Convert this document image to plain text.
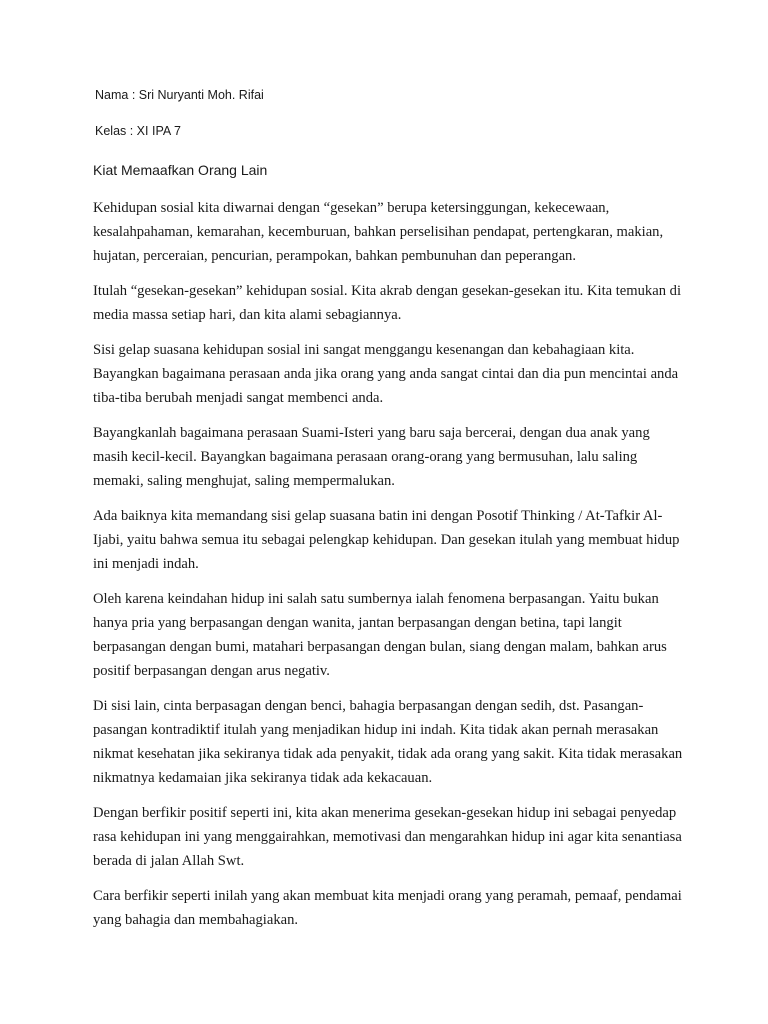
Nama : Sri Nuryanti Moh. Rifai
Kelas : XI IPA 7
Kiat Memaafkan Orang Lain

Kehidupan sosial kita diwarnai dengan “gesekan” berupa ketersinggungan, kekecewaan, kesalahpahaman, kemarahan, kecemburuan, bahkan perselisihan pendapat, pertengkaran, makian, hujatan, perceraian, pencurian, perampokan, bahkan pembunuhan dan peperangan.

Itulah “gesekan-gesekan” kehidupan sosial. Kita akrab dengan gesekan-gesekan itu. Kita temukan di media massa setiap hari, dan kita alami sebagiannya.

Sisi gelap suasana kehidupan sosial ini sangat menggangu kesenangan dan kebahagiaan kita. Bayangkan bagaimana perasaan anda jika orang yang anda sangat cintai dan dia pun mencintai anda tiba-tiba berubah menjadi sangat membenci anda.

Bayangkanlah bagaimana perasaan Suami-Isteri yang baru saja bercerai, dengan dua anak yang masih kecil-kecil. Bayangkan bagaimana perasaan orang-orang yang bermusuhan, lalu saling memaki, saling menghujat, saling mempermalukan.

Ada baiknya kita memandang sisi gelap suasana batin ini dengan Posotif Thinking / At-Tafkir Al-Ijabi, yaitu bahwa semua itu sebagai pelengkap kehidupan. Dan gesekan itulah yang membuat hidup ini menjadi indah.

Oleh karena keindahan hidup ini salah satu sumbernya ialah fenomena berpasangan. Yaitu bukan hanya pria yang berpasangan dengan wanita, jantan berpasangan dengan betina, tapi langit berpasangan dengan bumi, matahari berpasangan dengan bulan, siang dengan malam, bahkan arus positif berpasangan dengan arus negativ.

Di sisi lain, cinta berpasagan dengan benci, bahagia berpasangan dengan sedih, dst. Pasangan-pasangan kontradiktif itulah yang menjadikan hidup ini indah. Kita tidak akan pernah merasakan nikmat kesehatan jika sekiranya tidak ada penyakit, tidak ada orang yang sakit. Kita tidak merasakan nikmatnya kedamaian jika sekiranya tidak ada kekacauan.

Dengan berfikir positif seperti ini, kita akan menerima gesekan-gesekan hidup ini sebagai penyedap rasa kehidupan ini yang menggairahkan, memotivasi dan mengarahkan hidup ini agar kita senantiasa berada di jalan Allah Swt.

Cara berfikir seperti inilah yang akan membuat kita menjadi orang yang peramah, pemaaf, pendamai yang bahagia dan membahagiakan.
